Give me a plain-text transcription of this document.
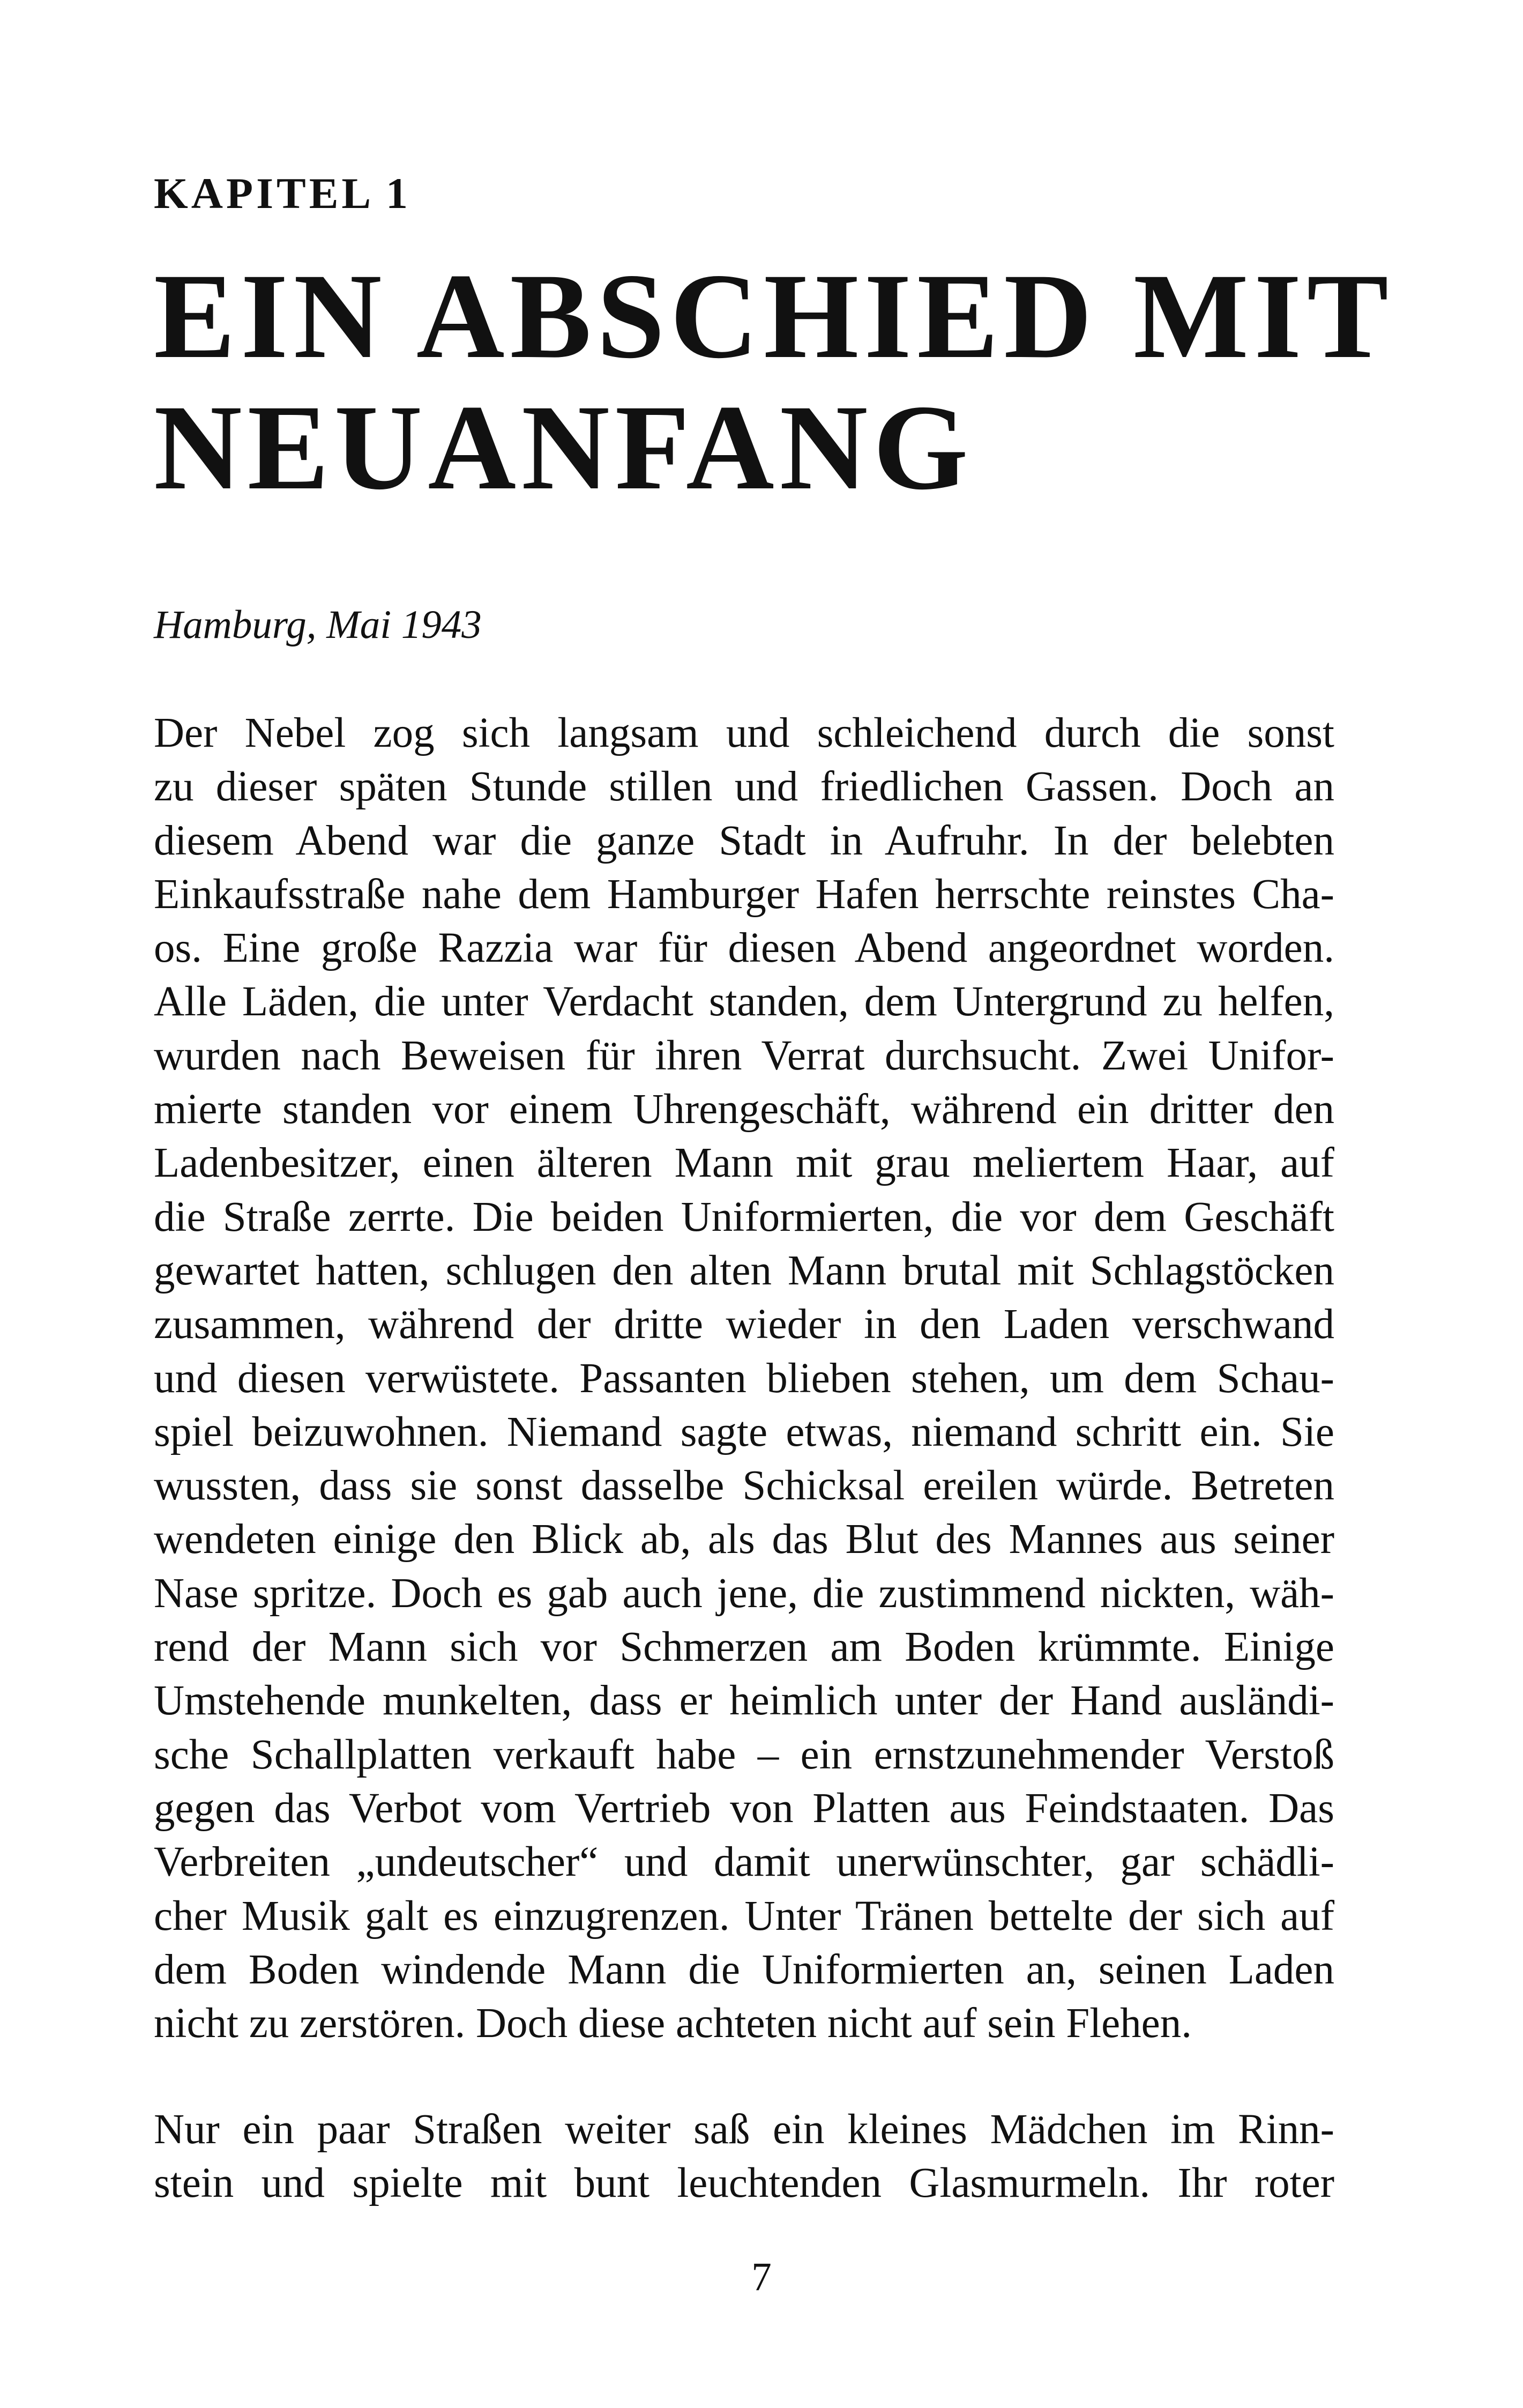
KAPITEL 1

EIN ABSCHIED MIT
NEUANFANG

Hamburg, Mai 1943

Der Nebel zog sich langsam und schleichend durch die sonst
zu dieser späten Stunde stillen und friedlichen Gassen. Doch an
diesem Abend war die ganze Stadt in Aufruhr. In der belebten
Einkaufsstraße nahe dem Hamburger Hafen herrschte reinstes Cha-
os. Eine große Razzia war für diesen Abend angeordnet worden.
Alle Läden, die unter Verdacht standen, dem Untergrund zu helfen,
wurden nach Beweisen für ihren Verrat durchsucht. Zwei Unifor-
mierte standen vor einem Uhrengeschäft, während ein dritter den
Ladenbesitzer, einen älteren Mann mit grau meliertem Haar, auf
die Straße zerrte. Die beiden Uniformierten, die vor dem Geschäft
gewartet hatten, schlugen den alten Mann brutal mit Schlagstöcken
zusammen, während der dritte wieder in den Laden verschwand
und diesen verwüstete. Passanten blieben stehen, um dem Schau-
spiel beizuwohnen. Niemand sagte etwas, niemand schritt ein. Sie
wussten, dass sie sonst dasselbe Schicksal ereilen würde. Betreten
wendeten einige den Blick ab, als das Blut des Mannes aus seiner
Nase spritze. Doch es gab auch jene, die zustimmend nickten, wäh-
rend der Mann sich vor Schmerzen am Boden krümmte. Einige
Umstehende munkelten, dass er heimlich unter der Hand ausländi-
sche Schallplatten verkauft habe – ein ernstzunehmender Verstoß
gegen das Verbot vom Vertrieb von Platten aus Feindstaaten. Das
Verbreiten „undeutscher“ und damit unerwünschter, gar schädli-
cher Musik galt es einzugrenzen. Unter Tränen bettelte der sich auf
dem Boden windende Mann die Uniformierten an, seinen Laden
nicht zu zerstören. Doch diese achteten nicht auf sein Flehen.
Nur ein paar Straßen weiter saß ein kleines Mädchen im Rinn-
stein und spielte mit bunt leuchtenden Glasmurmeln. Ihr roter

7
